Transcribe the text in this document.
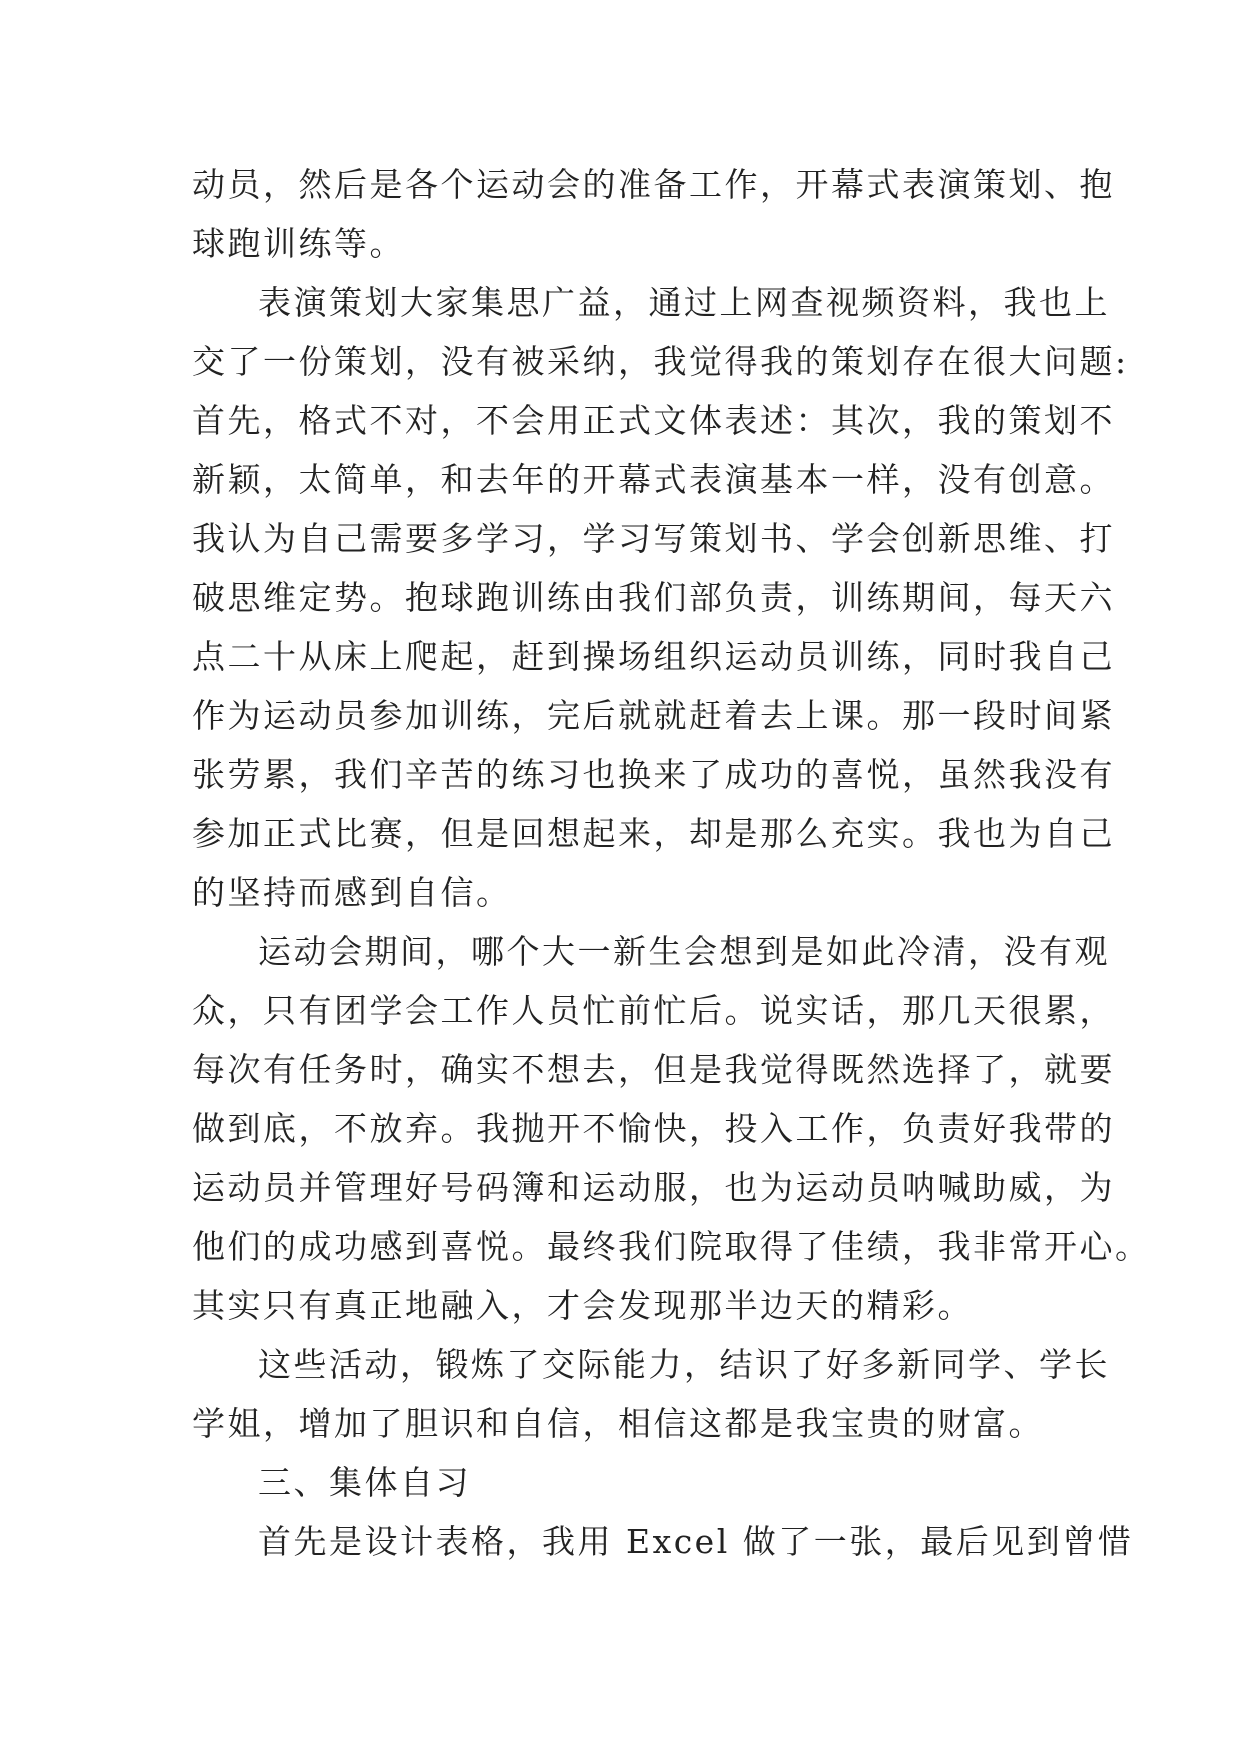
动员，然后是各个运动会的准备工作，开幕式表演策划、抱
球跑训练等。
表演策划大家集思广益，通过上网查视频资料，我也上
交了一份策划，没有被采纳，我觉得我的策划存在很大问题:
首先，格式不对，不会用正式文体表述：其次，我的策划不
新颖，太简单，和去年的开幕式表演基本一样，没有创意。
我认为自己需要多学习，学习写策划书、学会创新思维、打
破思维定势。抱球跑训练由我们部负责，训练期间，每天六
点二十从床上爬起，赶到操场组织运动员训练，同时我自己
作为运动员参加训练，完后就就赶着去上课。那一段时间紧
张劳累，我们辛苦的练习也换来了成功的喜悦，虽然我没有
参加正式比赛，但是回想起来，却是那么充实。我也为自己
的坚持而感到自信。
运动会期间，哪个大一新生会想到是如此冷清，没有观
众，只有团学会工作人员忙前忙后。说实话，那几天很累，
每次有任务时，确实不想去，但是我觉得既然选择了，就要
做到底，不放弃。我抛开不愉快，投入工作，负责好我带的
运动员并管理好号码簿和运动服，也为运动员呐喊助威，为
他们的成功感到喜悦。最终我们院取得了佳绩，我非常开心。
其实只有真正地融入，才会发现那半边天的精彩。
这些活动，锻炼了交际能力，结识了好多新同学、学长
学姐，增加了胆识和自信，相信这都是我宝贵的财富。
三、集体自习
首先是设计表格，我用 Excel 做了一张，最后见到曾惜
